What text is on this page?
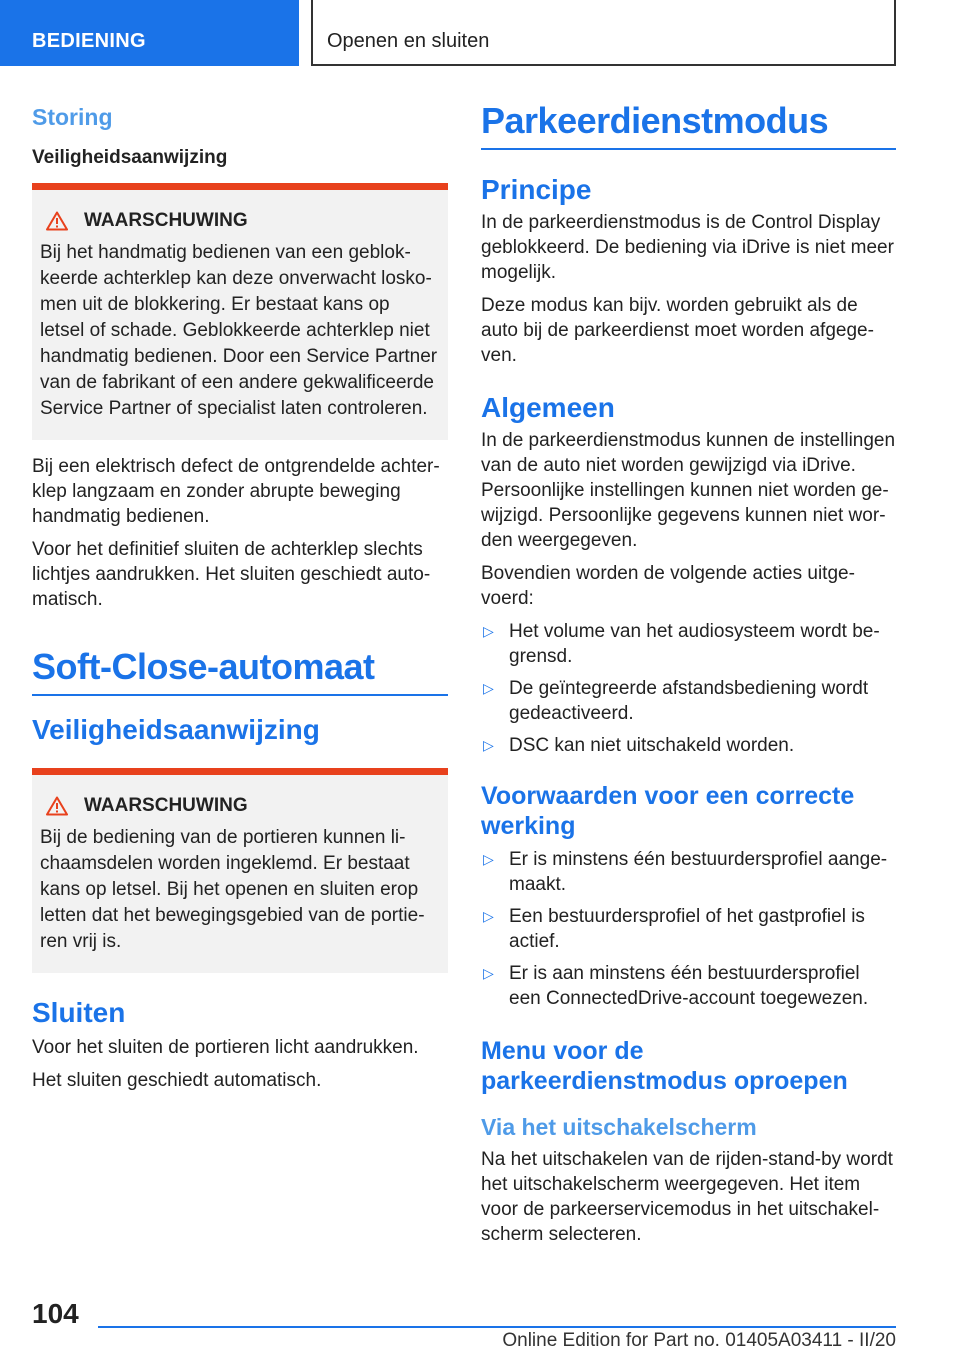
BEDIENING	Openen en sluiten
Storing
Veiligheidsaanwijzing
WAARSCHUWING
Bij het handmatig bedienen van een geblokkeerde achterklep kan deze onverwacht loskomen uit de blokkering. Er bestaat kans op letsel of schade. Geblokkeerde achterklep niet handmatig bedienen. Door een Service Partner van de fabrikant of een andere gekwalificeerde Service Partner of specialist laten controleren.
Bij een elektrisch defect de ontgrendelde achterklep langzaam en zonder abrupte beweging handmatig bedienen.
Voor het definitief sluiten de achterklep slechts lichtjes aandrukken. Het sluiten geschiedt automatisch.
Soft-Close-automaat
Veiligheidsaanwijzing
WAARSCHUWING
Bij de bediening van de portieren kunnen lichaamsdelen worden ingeklemd. Er bestaat kans op letsel. Bij het openen en sluiten erop letten dat het bewegingsgebied van de portieren vrij is.
Sluiten
Voor het sluiten de portieren licht aandrukken.
Het sluiten geschiedt automatisch.
Parkeerdienstmodus
Principe
In de parkeerdienstmodus is de Control Display geblokkeerd. De bediening via iDrive is niet meer mogelijk.
Deze modus kan bijv. worden gebruikt als de auto bij de parkeerdienst moet worden afgegeven.
Algemeen
In de parkeerdienstmodus kunnen de instellingen van de auto niet worden gewijzigd via iDrive. Persoonlijke instellingen kunnen niet worden gewijzigd. Persoonlijke gegevens kunnen niet worden weergegeven.
Bovendien worden de volgende acties uitgevoerd:
▷ Het volume van het audiosysteem wordt begrensd.
▷ De geïntegreerde afstandsbediening wordt gedeactiveerd.
▷ DSC kan niet uitschakeld worden.
Voorwaarden voor een correcte werking
▷ Er is minstens één bestuurdersprofiel aangemaakt.
▷ Een bestuurdersprofiel of het gastprofiel is actief.
▷ Er is aan minstens één bestuurdersprofiel een ConnectedDrive-account toegewezen.
Menu voor de parkeerdienstmodus oproepen
Via het uitschakelscherm
Na het uitschakelen van de rijden-stand-by wordt het uitschakelscherm weergegeven. Het item voor de parkeerservicemodus in het uitschakelscherm selecteren.
104
Online Edition for Part no. 01405A03411 - II/20
